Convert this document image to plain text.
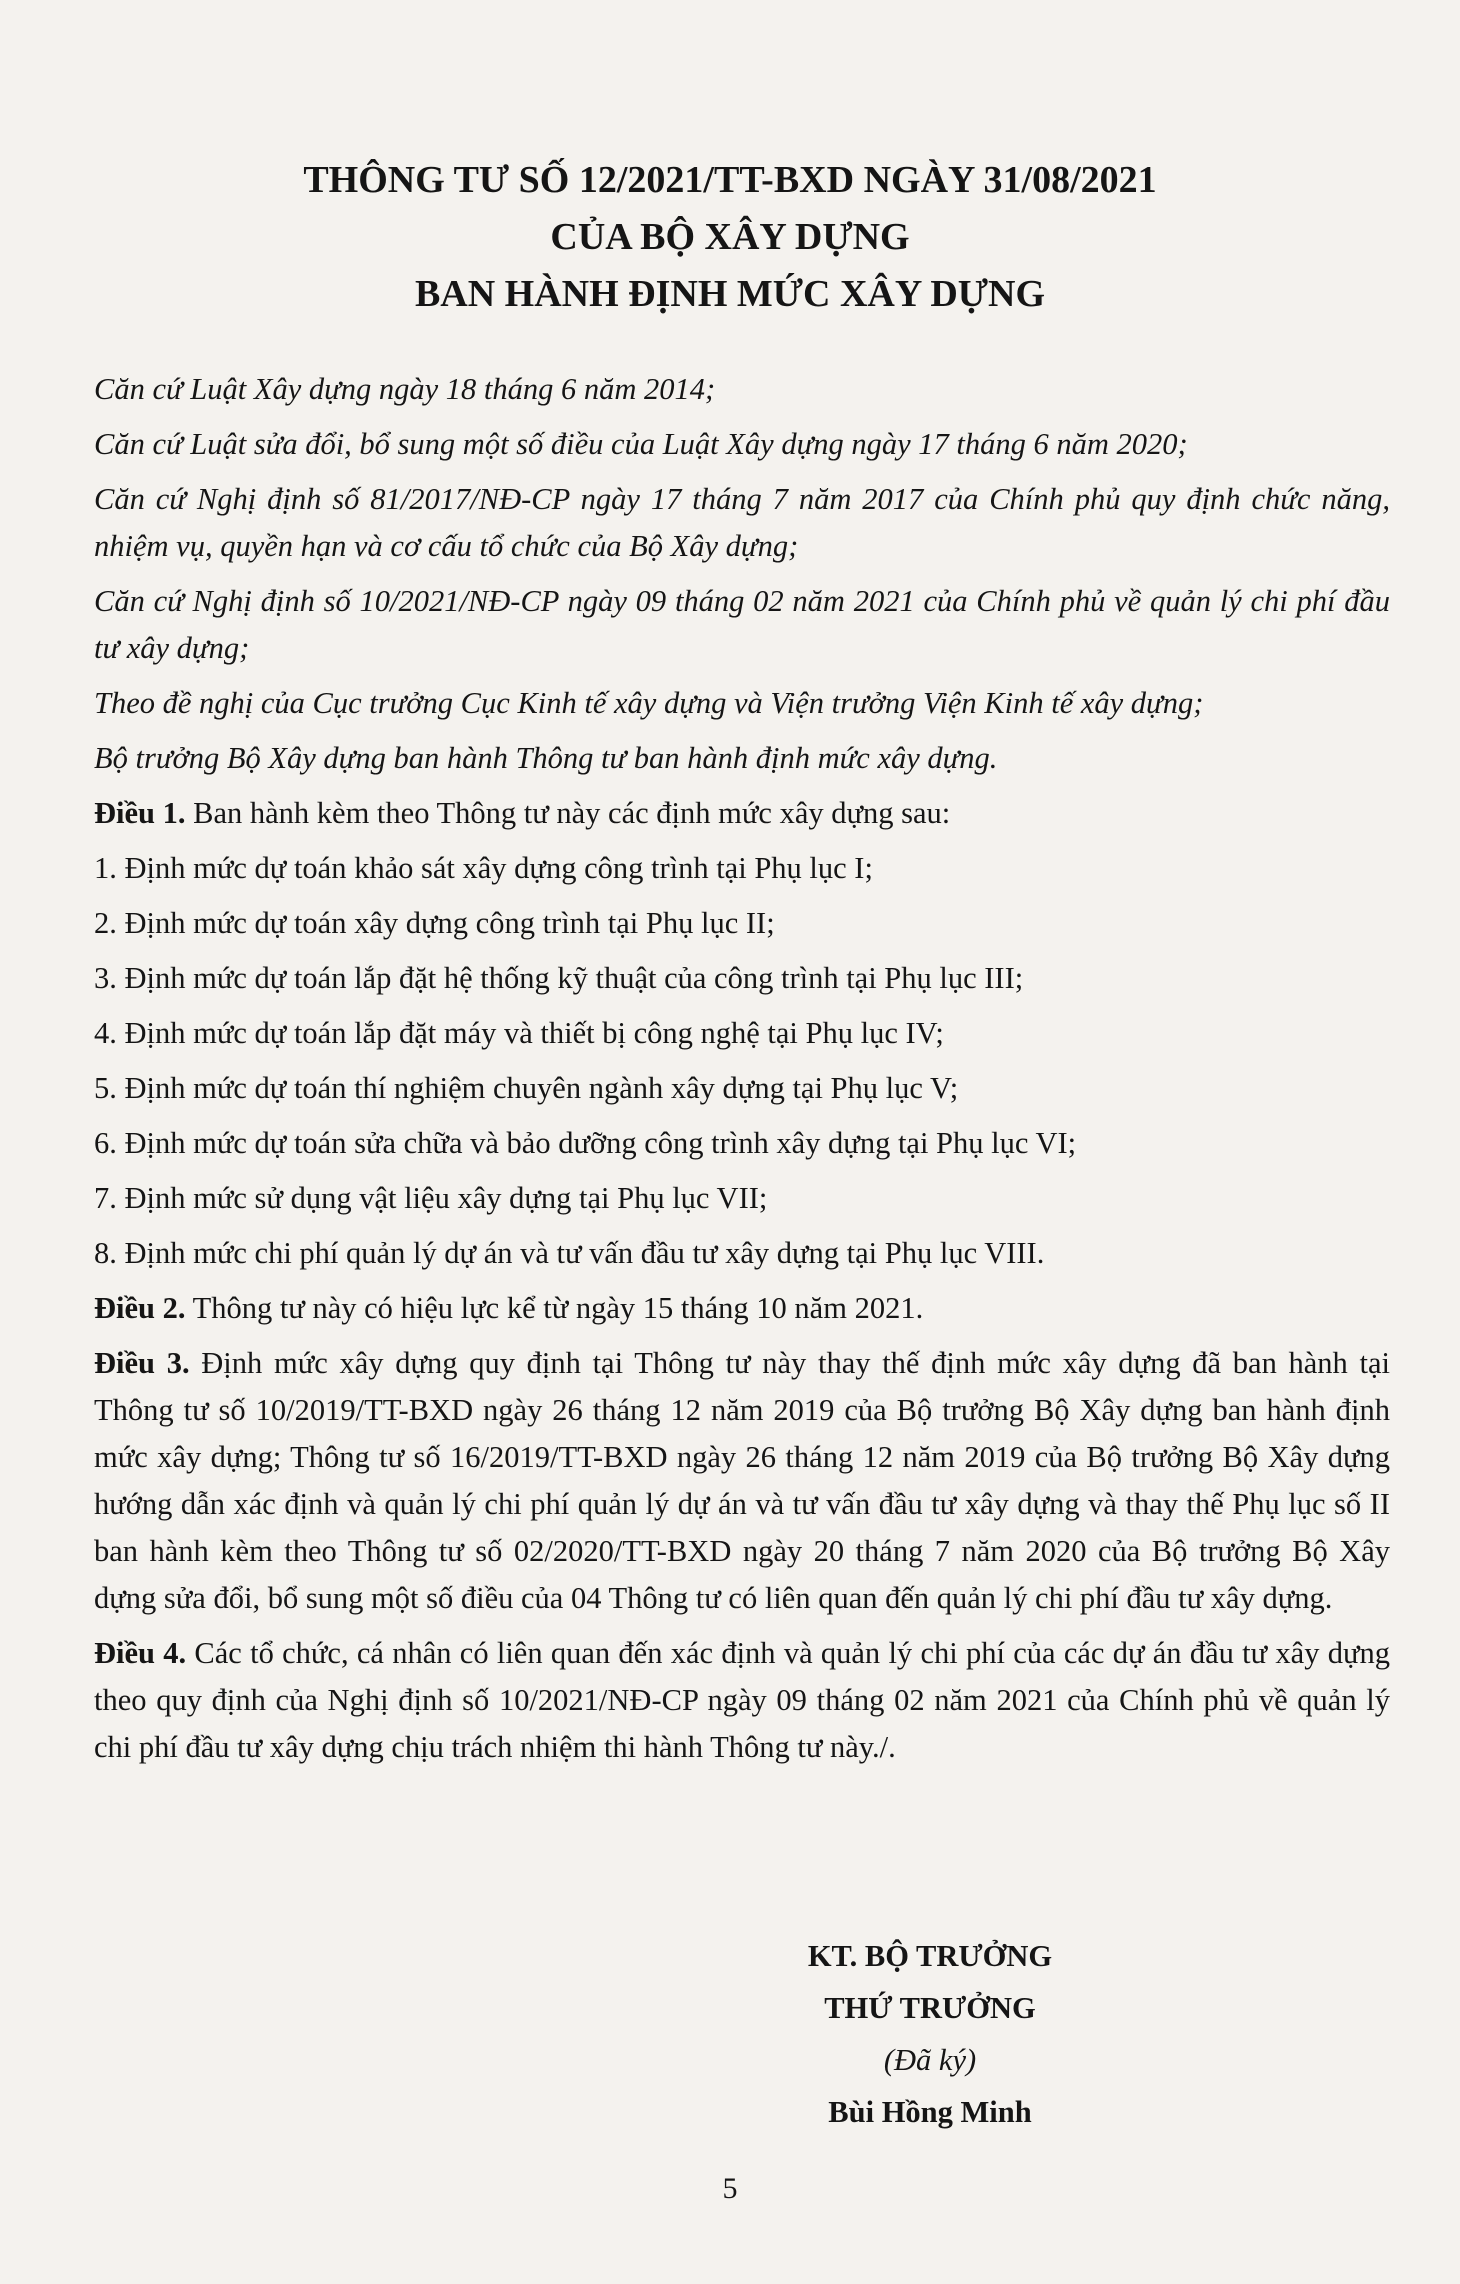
THÔNG TƯ SỐ 12/2021/TT-BXD NGÀY 31/08/2021
CỦA BỘ XÂY DỰNG
BAN HÀNH ĐỊNH MỨC XÂY DỰNG

Căn cứ Luật Xây dựng ngày 18 tháng 6 năm 2014;

Căn cứ Luật sửa đổi, bổ sung một số điều của Luật Xây dựng ngày 17 tháng 6 năm 2020;

Căn cứ Nghị định số 81/2017/NĐ-CP ngày 17 tháng 7 năm 2017 của Chính phủ quy định chức năng, nhiệm vụ, quyền hạn và cơ cấu tổ chức của Bộ Xây dựng;

Căn cứ Nghị định số 10/2021/NĐ-CP ngày 09 tháng 02 năm 2021 của Chính phủ về quản lý chi phí đầu tư xây dựng;

Theo đề nghị của Cục trưởng Cục Kinh tế xây dựng và Viện trưởng Viện Kinh tế xây dựng;

Bộ trưởng Bộ Xây dựng ban hành Thông tư ban hành định mức xây dựng.

Điều 1. Ban hành kèm theo Thông tư này các định mức xây dựng sau:

1. Định mức dự toán khảo sát xây dựng công trình tại Phụ lục I;

2. Định mức dự toán xây dựng công trình tại Phụ lục II;

3. Định mức dự toán lắp đặt hệ thống kỹ thuật của công trình tại Phụ lục III;

4. Định mức dự toán lắp đặt máy và thiết bị công nghệ tại Phụ lục IV;

5. Định mức dự toán thí nghiệm chuyên ngành xây dựng tại Phụ lục V;

6. Định mức dự toán sửa chữa và bảo dưỡng công trình xây dựng tại Phụ lục VI;

7. Định mức sử dụng vật liệu xây dựng tại Phụ lục VII;

8. Định mức chi phí quản lý dự án và tư vấn đầu tư xây dựng tại Phụ lục VIII.

Điều 2. Thông tư này có hiệu lực kể từ ngày 15 tháng 10 năm 2021.

Điều 3. Định mức xây dựng quy định tại Thông tư này thay thế định mức xây dựng đã ban hành tại Thông tư số 10/2019/TT-BXD ngày 26 tháng 12 năm 2019 của Bộ trưởng Bộ Xây dựng ban hành định mức xây dựng; Thông tư số 16/2019/TT-BXD ngày 26 tháng 12 năm 2019 của Bộ trưởng Bộ Xây dựng hướng dẫn xác định và quản lý chi phí quản lý dự án và tư vấn đầu tư xây dựng và thay thế Phụ lục số II ban hành kèm theo Thông tư số 02/2020/TT-BXD ngày 20 tháng 7 năm 2020 của Bộ trưởng Bộ Xây dựng sửa đổi, bổ sung một số điều của 04 Thông tư có liên quan đến quản lý chi phí đầu tư xây dựng.

Điều 4. Các tổ chức, cá nhân có liên quan đến xác định và quản lý chi phí của các dự án đầu tư xây dựng theo quy định của Nghị định số 10/2021/NĐ-CP ngày 09 tháng 02 năm 2021 của Chính phủ về quản lý chi phí đầu tư xây dựng chịu trách nhiệm thi hành Thông tư này./.

KT. BỘ TRƯỞNG
THỨ TRƯỞNG
(Đã ký)
Bùi Hồng Minh
5
